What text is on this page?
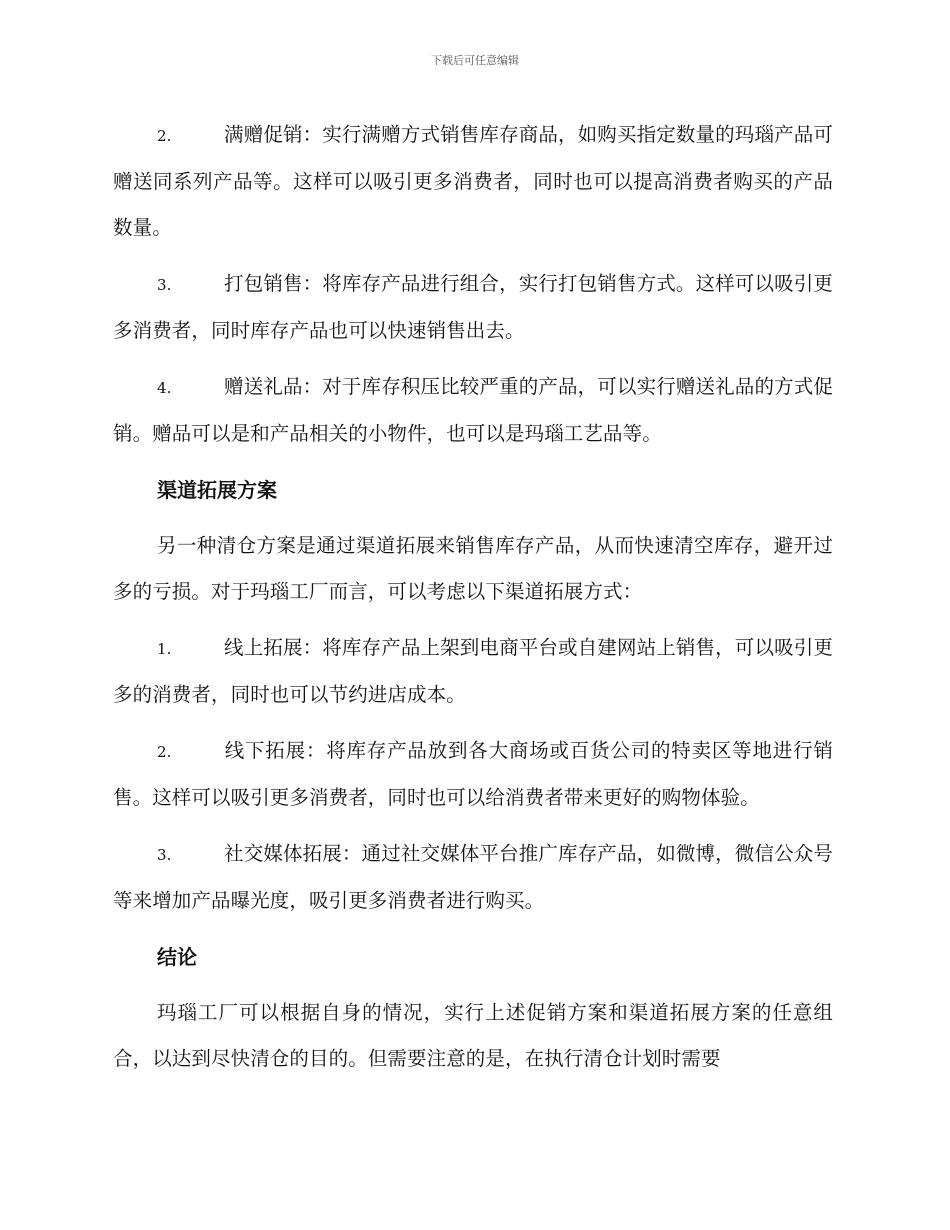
下载后可任意编辑

2.	满赠促销：实行满赠方式销售库存商品，如购买指定数量的玛瑙产品可赠送同系列产品等。这样可以吸引更多消费者，同时也可以提高消费者购买的产品数量。

3.	打包销售：将库存产品进行组合，实行打包销售方式。这样可以吸引更多消费者，同时库存产品也可以快速销售出去。

4.	赠送礼品：对于库存积压比较严重的产品，可以实行赠送礼品的方式促销。赠品可以是和产品相关的小物件，也可以是玛瑙工艺品等。

渠道拓展方案

另一种清仓方案是通过渠道拓展来销售库存产品，从而快速清空库存，避开过多的亏损。对于玛瑙工厂而言，可以考虑以下渠道拓展方式：

1.	线上拓展：将库存产品上架到电商平台或自建网站上销售，可以吸引更多的消费者，同时也可以节约进店成本。

2.	线下拓展：将库存产品放到各大商场或百货公司的特卖区等地进行销售。这样可以吸引更多消费者，同时也可以给消费者带来更好的购物体验。

3.	社交媒体拓展：通过社交媒体平台推广库存产品，如微博，微信公众号等来增加产品曝光度，吸引更多消费者进行购买。

结论

玛瑙工厂可以根据自身的情况，实行上述促销方案和渠道拓展方案的任意组合，以达到尽快清仓的目的。但需要注意的是，在执行清仓计划时需要
